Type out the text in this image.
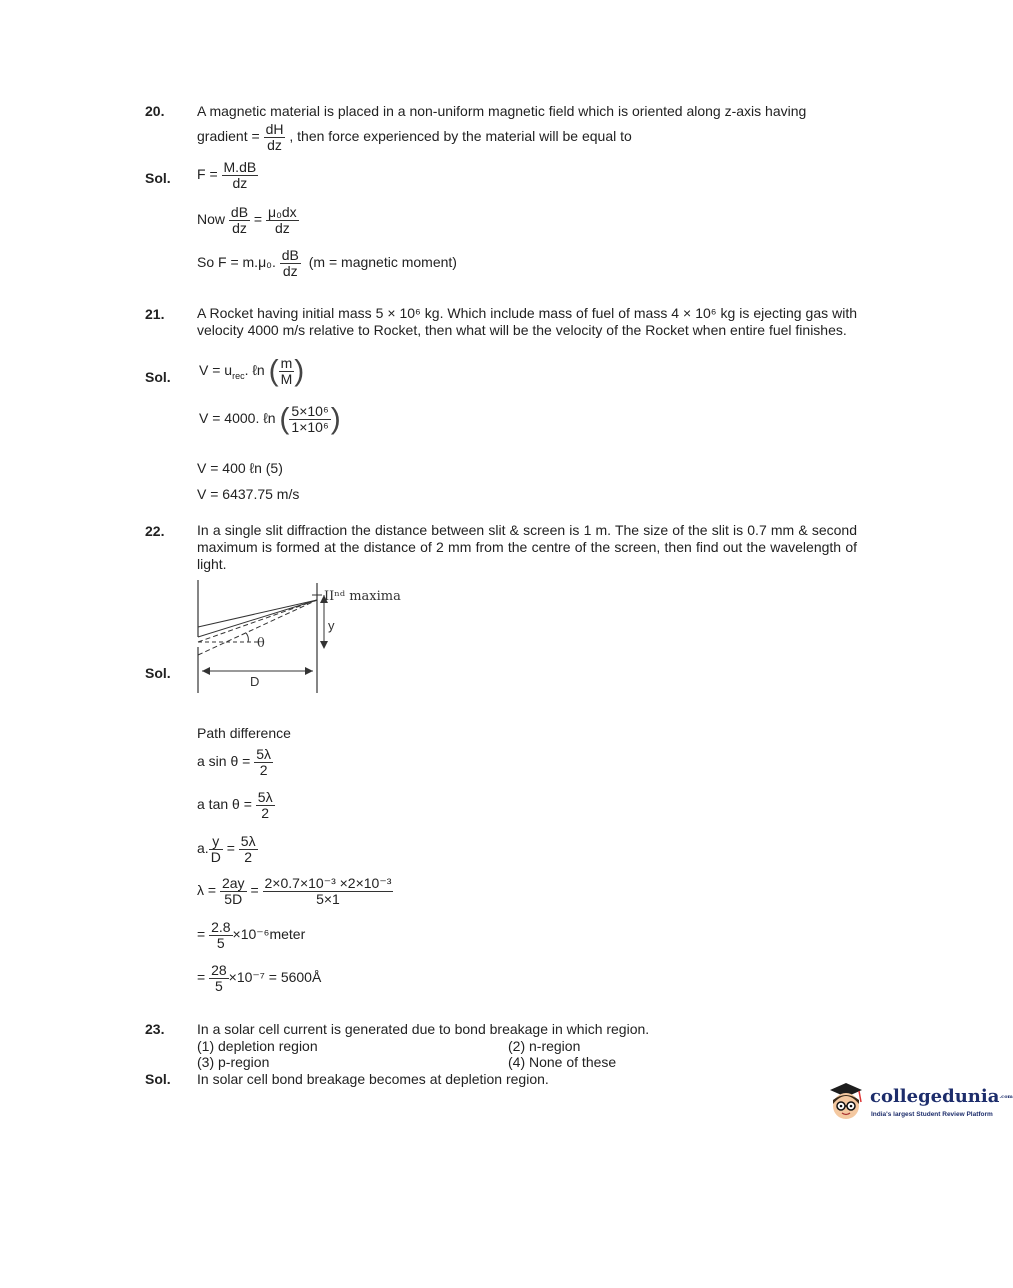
20. A magnetic material is placed in a non-uniform magnetic field which is oriented along z-axis having
gradient = $\frac{dH}{dz}$ , then force experienced by the material will be equal to
Sol. $F = \frac{M.dB}{dz}$
Now $\frac{dB}{dz} = \frac{\text{μ₀dx}}{dz}$
So F = m.μ₀. $\frac{dB}{dz} (m$ = magnetic moment)
21. A Rocket having initial mass 5 × 10⁶ kg. Which include mass of fuel of mass 4 × 10⁶ kg is ejecting gas with velocity 4000 m/s relative to Rocket, then what will be the velocity of the Rocket when entire fuel finishes.
Sol. $V = u_{rec}$. ℓn ( $\frac{m}{M}$ )
V = 4000. ℓn ( $\frac{\text{5×10⁶}}{\text{1×10⁶}}$ )
V = 400 ℓn (5)
V = 6437.75 m/s
22. In a single slit diffraction the distance between slit & screen is 1 m. The size of the slit is 0.7 mm & second maximum is formed at the distance of 2 mm from the centre of the screen, then find out the wavelength of light.
Sol.
θ
D
y
IIⁿᵈ maxima
Path difference
a $\sin \theta = \frac{5\lambda}{2}$
a $\tan \theta = \frac{5\lambda}{2}$
a. $\frac{y}{D} = \frac{5\lambda}{2}$
$\lambda = \frac{2ay}{5D} = \frac{\text{2×0.7×10⁻³ ×2×10⁻³}}{5\times 1}$
= $\frac{2.8}{5}$ ×10⁻⁶meter
= $\frac{28}{5} \times 10^{-7}$ = 5600Å
23. In a solar cell current is generated due to bond breakage in which region.
(1) depletion region	(2) n-region
(3) p-region	(4) None of these
Sol. In solar cell bond breakage becomes at depletion region.
collegedunia.com
India's largest Student Review Platform
